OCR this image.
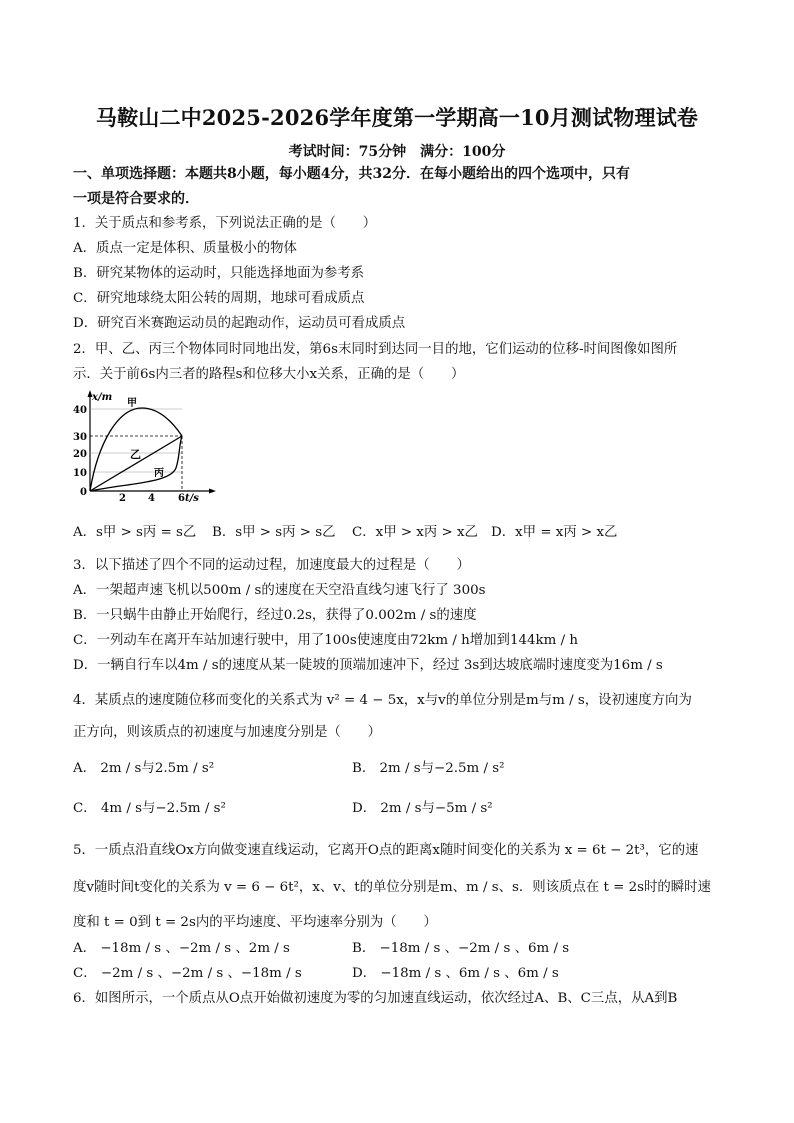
马鞍山二中2025-2026学年度第一学期高一10月测试物理试卷
考试时间：75分钟　满分：100分
一、单项选择题：本题共8小题，每小题4分，共32分．在每小题给出的四个选项中，只有
一项是符合要求的．
1．关于质点和参考系，下列说法正确的是（　　）
A．质点一定是体积、质量极小的物体
B．研究某物体的运动时，只能选择地面为参考系
C．研究地球绕太阳公转的周期，地球可看成质点
D．研究百米赛跑运动员的起跑动作，运动员可看成质点
2．甲、乙、丙三个物体同时同地出发，第6s末同时到达同一目的地，它们运动的位移-时间图像如图所
示．关于前6s内三者的路程s和位移大小x关系，正确的是（　　）
x/m
t/s
0
40
30
20
10
2 4 6
甲
乙
丙
A．s甲 > s丙 = s乙 B．s甲 > s丙 > s乙 C．x甲 > x丙 > x乙 D．x甲 = x丙 > x乙
3．以下描述了四个不同的运动过程，加速度最大的过程是（　　）
A．一架超声速飞机以500m / s的速度在天空沿直线匀速飞行了 300s
B．一只蜗牛由静止开始爬行，经过0.2s，获得了0.002m / s的速度
C．一列动车在离开车站加速行驶中，用了100s使速度由72km / h增加到144km / h
D．一辆自行车以4m / s的速度从某一陡坡的顶端加速冲下，经过 3s到达坡底端时速度变为16m / s
4．某质点的速度随位移而变化的关系式为 v² = 4 − 5x，x与v的单位分别是m与m / s，设初速度方向为
正方向，则该质点的初速度与加速度分别是（　　）
A． 2m / s与2.5m / s²	B． 2m / s与−2.5m / s²
C． 4m / s与−2.5m / s²	D． 2m / s与−5m / s²
5．一质点沿直线Ox方向做变速直线运动，它离开O点的距离x随时间变化的关系为 x = 6t − 2t³，它的速
度v随时间t变化的关系为 v = 6 − 6t²，x、v、t的单位分别是m、m / s、s．则该质点在 t = 2s时的瞬时速
度和 t = 0到 t = 2s内的平均速度、平均速率分别为（　　）
A． −18m / s 、−2m / s 、2m / s	B． −18m / s 、−2m / s 、6m / s
C． −2m / s 、−2m / s 、−18m / s	D． −18m / s 、6m / s 、6m / s
6．如图所示，一个质点从O点开始做初速度为零的匀加速直线运动，依次经过A、B、C三点，从A到B
